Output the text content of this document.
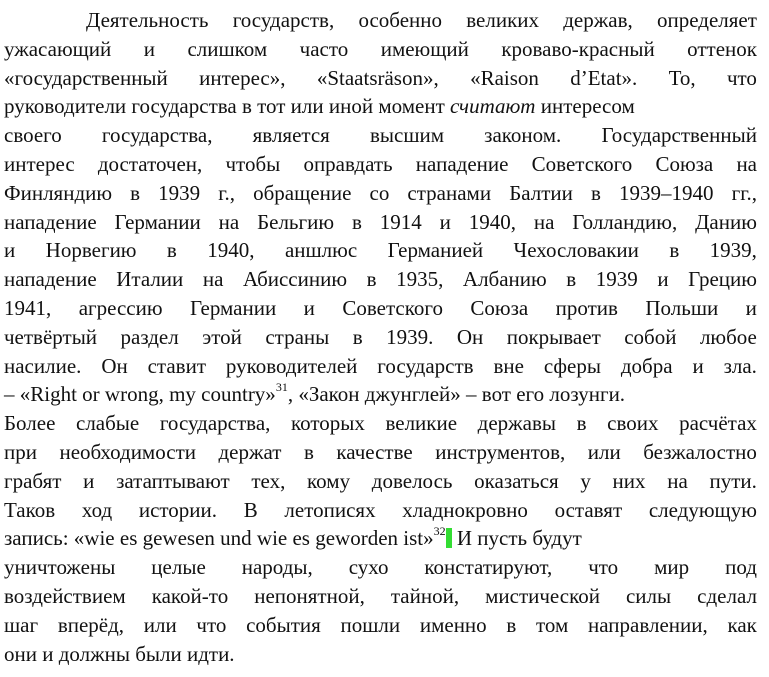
Деятельность государств, особенно великих держав, определяет
ужасающий и слишком часто имеющий кроваво-красный оттенок
«государственный интерес», «Staatsräson», «Raison d’Etat». То, что
руководители государства в тот или иной момент считают интересом
своего государства, является высшим законом. Государственный
интерес достаточен, чтобы оправдать нападение Советского Союза на
Финляндию в 1939 г., обращение со странами Балтии в 1939–1940 гг.,
нападение Германии на Бельгию в 1914 и 1940, на Голландию, Данию
и Норвегию в 1940, аншлюс Германией Чехословакии в 1939,
нападение Италии на Абиссинию в 1935, Албанию в 1939 и Грецию
1941, агрессию Германии и Советского Союза против Польши и
четвёртый раздел этой страны в 1939. Он покрывает собой любое
насилие. Он ставит руководителей государств вне сферы добра и зла.
– «Right or wrong, my country»$^{31}$, «Закон джунглей» – вот его лозунги.
Более слабые государства, которых великие державы в своих расчётах
при необходимости держат в качестве инструментов, или безжалостно
грабят и затаптывают тех, кому довелось оказаться у них на пути.
Таков ход истории. В летописях хладнокровно оставят следующую
запись: «wie es gewesen und wie es geworden ist»$^{32}$ И пусть будут
уничтожены целые народы, сухо констатируют, что мир под
воздействием какой-то непонятной, тайной, мистической силы сделал
шаг вперёд, или что события пошли именно в том направлении, как
они и должны были идти.
